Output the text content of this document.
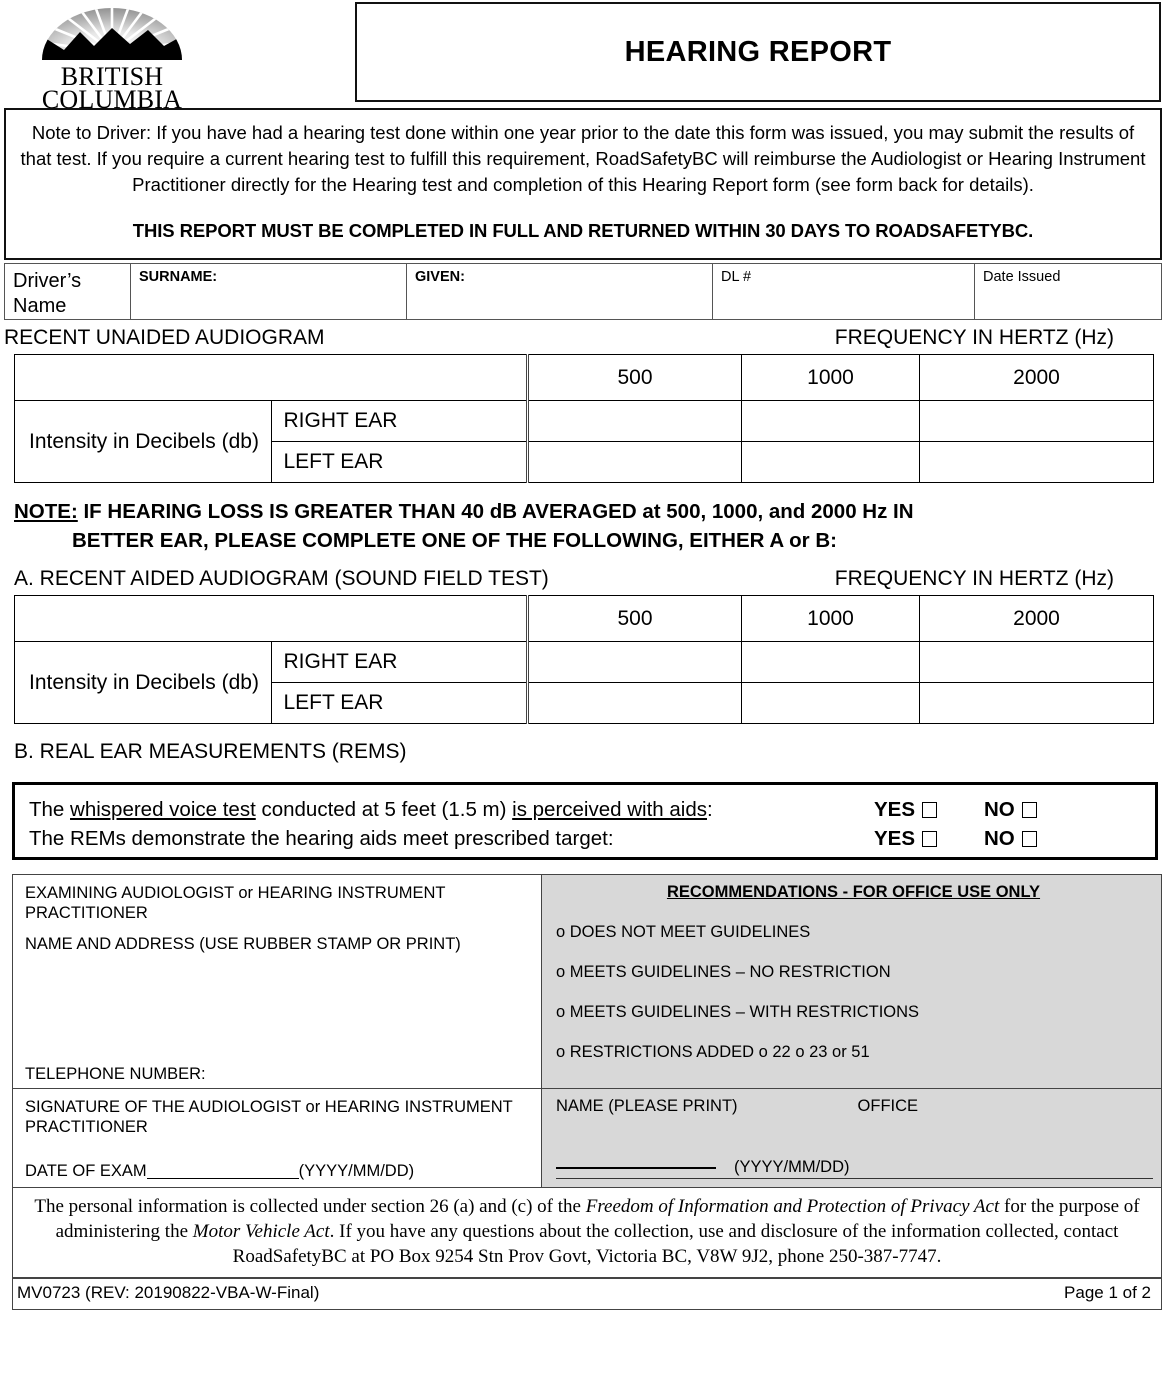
BRITISH
COLUMBIA
HEARING REPORT
Note to Driver: If you have had a hearing test done within one year prior to the date this form was issued, you may submit the results of that test. If you require a current hearing test to fulfill this requirement, RoadSafetyBC will reimburse the Audiologist or Hearing Instrument Practitioner directly for the Hearing test and completion of this Hearing Report form (see form back for details).
THIS REPORT MUST BE COMPLETED IN FULL AND RETURNED WITHIN 30 DAYS TO ROADSAFETYBC.
Driver’s Name	SURNAME:	GIVEN:	DL #	Date Issued
RECENT UNAIDED AUDIOGRAM	FREQUENCY IN HERTZ (Hz)
		500	1000	2000
Intensity in Decibels (db)	RIGHT EAR			
	LEFT EAR			
NOTE: IF HEARING LOSS IS GREATER THAN 40 dB AVERAGED at 500, 1000, and 2000 Hz IN
BETTER EAR, PLEASE COMPLETE ONE OF THE FOLLOWING, EITHER A or B:
A. RECENT AIDED AUDIOGRAM (SOUND FIELD TEST)	FREQUENCY IN HERTZ (Hz)
		500	1000	2000
Intensity in Decibels (db)	RIGHT EAR			
	LEFT EAR			
B. REAL EAR MEASUREMENTS (REMS)
The whispered voice test conducted at 5 feet (1.5 m) is perceived with aids:	YES	NO
The REMs demonstrate the hearing aids meet prescribed target:	YES	NO
EXAMINING AUDIOLOGIST or HEARING INSTRUMENT PRACTITIONER
NAME AND ADDRESS (USE RUBBER STAMP OR PRINT)
TELEPHONE NUMBER:
RECOMMENDATIONS - FOR OFFICE USE ONLY
o DOES NOT MEET GUIDELINES
o MEETS GUIDELINES – NO RESTRICTION
o MEETS GUIDELINES – WITH RESTRICTIONS
o RESTRICTIONS ADDED o 22 o 23 or 51
SIGNATURE OF THE AUDIOLOGIST or HEARING INSTRUMENT PRACTITIONER
DATE OF EXAM	(YYYY/MM/DD)
NAME (PLEASE PRINT)	OFFICE
(YYYY/MM/DD)
The personal information is collected under section 26 (a) and (c) of the Freedom of Information and Protection of Privacy Act for the purpose of administering the Motor Vehicle Act. If you have any questions about the collection, use and disclosure of the information collected, contact RoadSafetyBC at PO Box 9254 Stn Prov Govt, Victoria BC, V8W 9J2, phone 250-387-7747.
MV0723 (REV: 20190822-VBA-W-Final)	Page 1 of 2
